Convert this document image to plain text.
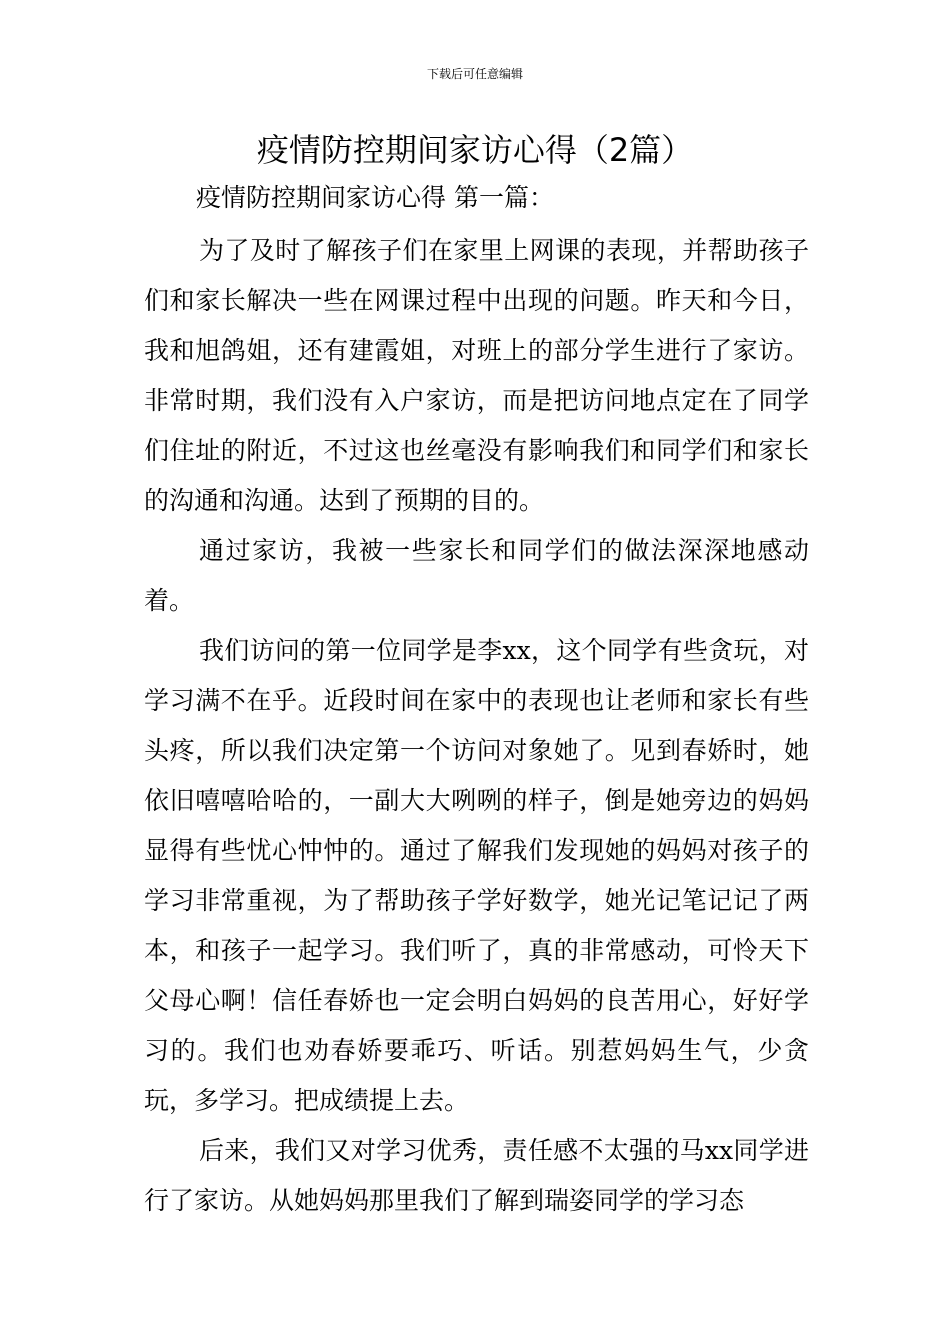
下载后可任意编辑
疫情防控期间家访心得（2篇）
疫情防控期间家访心得 第一篇：

为了及时了解孩子们在家里上网课的表现，并帮助孩子们和家长解决一些在网课过程中出现的问题。昨天和今日，我和旭鸽姐，还有建霞姐，对班上的部分学生进行了家访。非常时期，我们没有入户家访，而是把访问地点定在了同学们住址的附近，不过这也丝毫没有影响我们和同学们和家长的沟通和沟通。达到了预期的目的。

通过家访，我被一些家长和同学们的做法深深地感动着。

我们访问的第一位同学是李xx，这个同学有些贪玩，对学习满不在乎。近段时间在家中的表现也让老师和家长有些头疼，所以我们决定第一个访问对象她了。见到春娇时，她依旧嘻嘻哈哈的，一副大大咧咧的样子，倒是她旁边的妈妈显得有些忧心忡忡的。通过了解我们发现她的妈妈对孩子的学习非常重视，为了帮助孩子学好数学，她光记笔记记了两本，和孩子一起学习。我们听了，真的非常感动，可怜天下父母心啊！信任春娇也一定会明白妈妈的良苦用心，好好学习的。我们也劝春娇要乖巧、听话。别惹妈妈生气，少贪玩，多学习。把成绩提上去。

后来，我们又对学习优秀，责任感不太强的马xx同学进行了家访。从她妈妈那里我们了解到瑞姿同学的学习态
